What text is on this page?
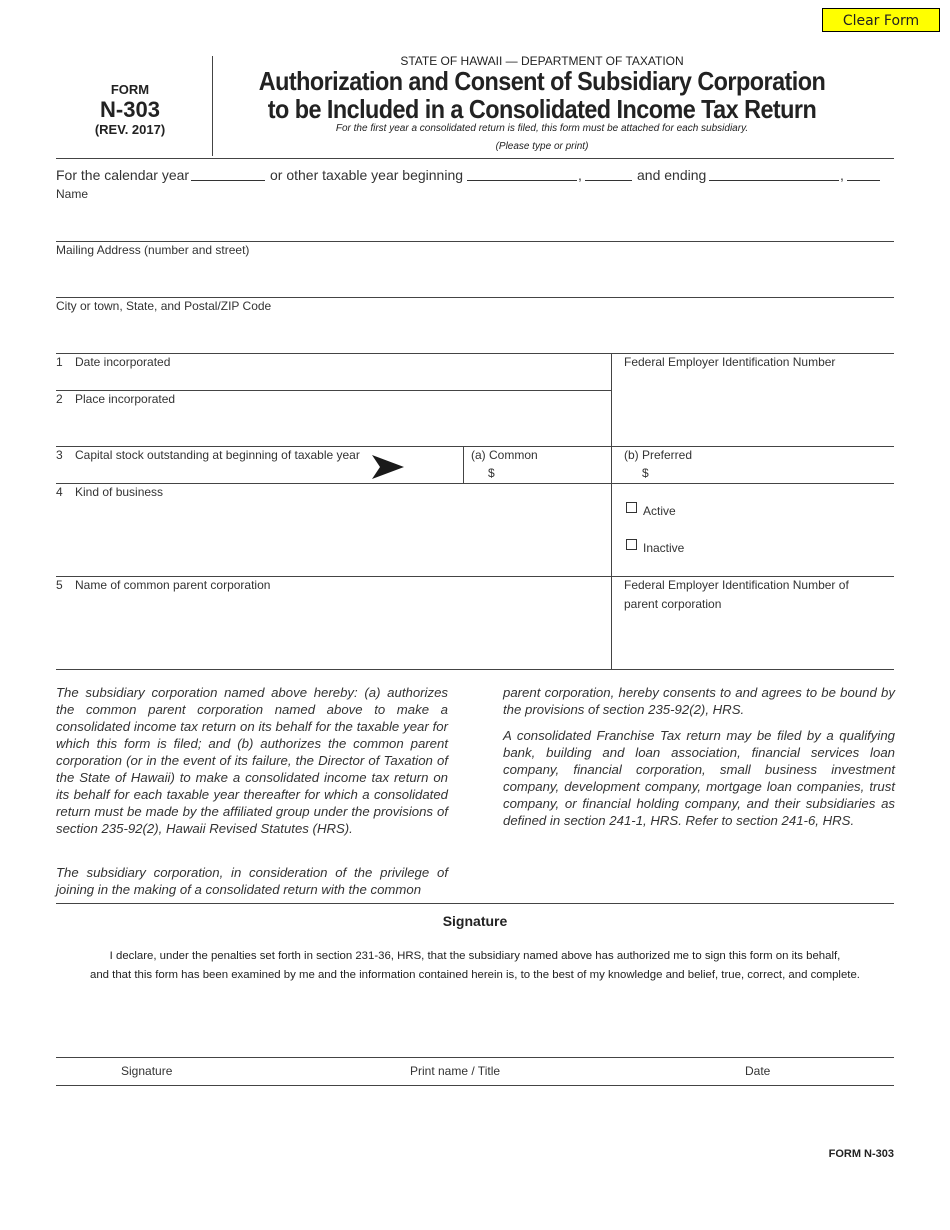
Clear Form
FORM
N-303
(REV. 2017)
STATE OF HAWAII — DEPARTMENT OF TAXATION
Authorization and Consent of Subsidiary Corporation
to be Included in a Consolidated Income Tax Return
For the first year a consolidated return is filed, this form must be attached for each subsidiary.
(Please type or print)
For the calendar year	or other taxable year beginning	,	and ending	,
Name
Mailing Address (number and street)
City or town, State, and Postal/ZIP Code
1 Date incorporated	Federal Employer Identification Number
2 Place incorporated
3 Capital stock outstanding at beginning of taxable year	(a) Common
$
(b) Preferred
$
4 Kind of business
Active
Inactive
5 Name of common parent corporation	Federal Employer Identification Number of
parent corporation

The subsidiary corporation named above hereby: (a) authorizes the common parent corporation named above to make a consolidated income tax return on its behalf for the taxable year for which this form is filed; and (b) authorizes the common parent corporation (or in the event of its failure, the Director of Taxation of the State of Hawaii) to make a consolidated income tax return on its behalf for each taxable year thereafter for which a consolidated return must be made by the affiliated group under the provisions of section 235-92(2), Hawaii Revised Statutes (HRS).

The subsidiary corporation, in consideration of the privilege of joining in the making of a consolidated return with the common

parent corporation, hereby consents to and agrees to be bound by the provisions of section 235-92(2), HRS.

A consolidated Franchise Tax return may be filed by a qualifying bank, building and loan association, financial services loan company, financial corporation, small business investment company, development company, mortgage loan companies, trust company, or financial holding company, and their subsidiaries as defined in section 241-1, HRS. Refer to section 241-6, HRS.

Signature
I declare, under the penalties set forth in section 231-36, HRS, that the subsidiary named above has authorized me to sign this form on its behalf,
and that this form has been examined by me and the information contained herein is, to the best of my knowledge and belief, true, correct, and complete.
Signature	Print name / Title	Date
FORM N-303
